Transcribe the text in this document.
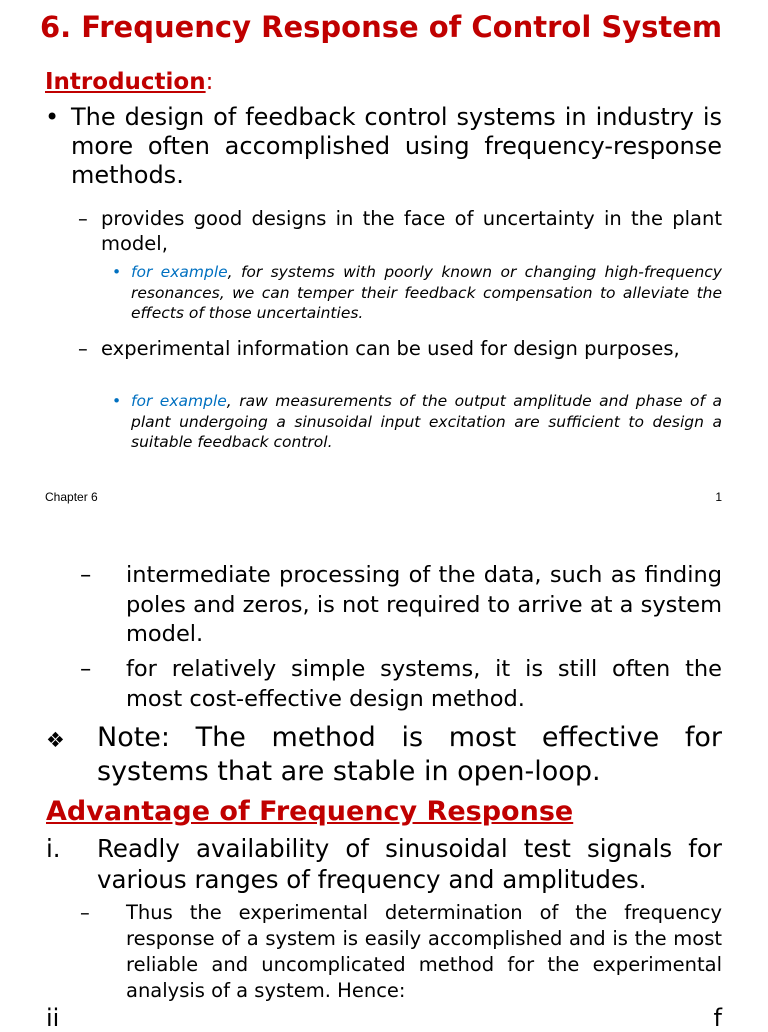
6. Frequency Response of Control System
Introduction:
• The design of feedback control systems in industry is more often accomplished using frequency-response methods.
– provides good designs in the face of uncertainty in the plant model,
• for example, for systems with poorly known or changing high-frequency resonances, we can temper their feedback compensation to alleviate the effects of those uncertainties.
– experimental information can be used for design purposes,
• for example, raw measurements of the output amplitude and phase of a plant undergoing a sinusoidal input excitation are sufficient to design a suitable feedback control.
Chapter 6	1
– intermediate processing of the data, such as finding poles and zeros, is not required to arrive at a system model.
– for relatively simple systems, it is still often the most cost-effective design method.
❖ Note: The method is most effective for systems that are stable in open-loop.
Advantage of Frequency Response
i. Readly availability of sinusoidal test signals for various ranges of frequency and amplitudes.
– Thus the experimental determination of the frequency response of a system is easily accomplished and is the most reliable and uncomplicated method for the experimental analysis of a system. Hence:
ii	f
